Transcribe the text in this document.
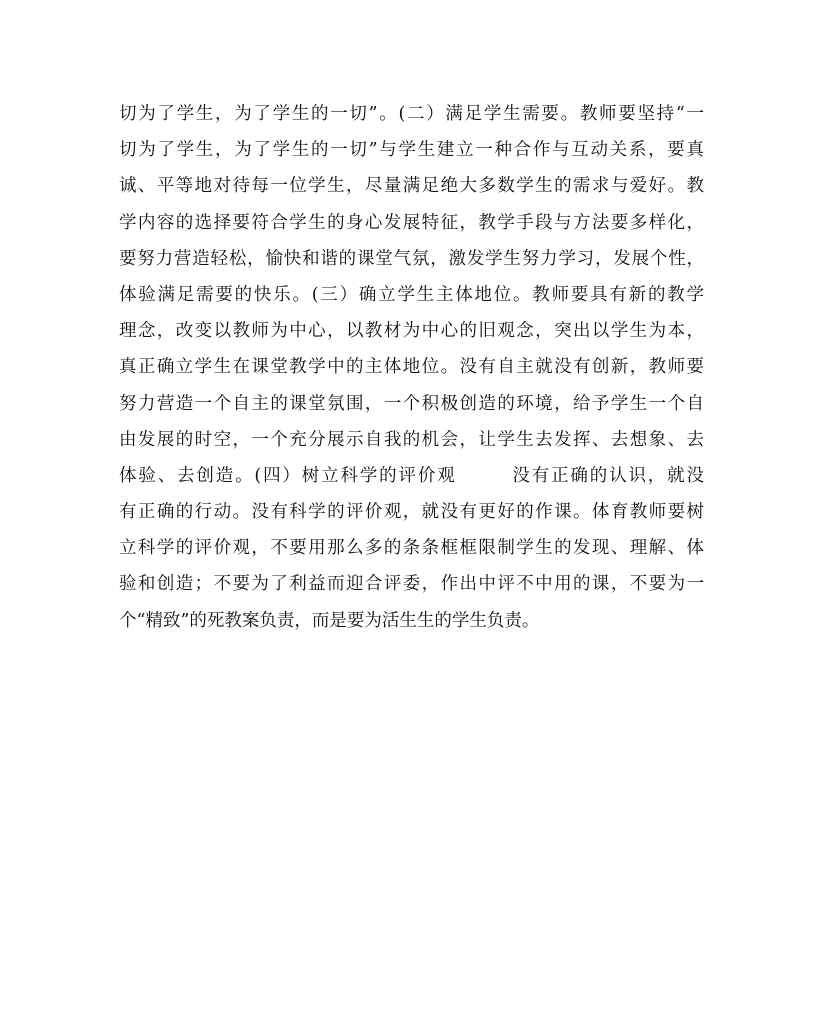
切为了学生，为了学生的一切”。(二）满足学生需要。教师要坚持“一
切为了学生，为了学生的一切”与学生建立一种合作与互动关系，要真
诚、平等地对待每一位学生，尽量满足绝大多数学生的需求与爱好。教
学内容的选择要符合学生的身心发展特征，教学手段与方法要多样化，
要努力营造轻松，愉快和谐的课堂气氛，激发学生努力学习，发展个性，
体验满足需要的快乐。(三）确立学生主体地位。教师要具有新的教学
理念，改变以教师为中心，以教材为中心的旧观念，突出以学生为本，
真正确立学生在课堂教学中的主体地位。没有自主就没有创新，教师要
努力营造一个自主的课堂氛围，一个积极创造的环境，给予学生一个自
由发展的时空，一个充分展示自我的机会，让学生去发挥、去想象、去
体验、去创造。(四）树立科学的评价观	没有正确的认识，就没
有正确的行动。没有科学的评价观，就没有更好的作课。体育教师要树
立科学的评价观，不要用那么多的条条框框限制学生的发现、理解、体
验和创造；不要为了利益而迎合评委，作出中评不中用的课，不要为一
个“精致”的死教案负责，而是要为活生生的学生负责。
